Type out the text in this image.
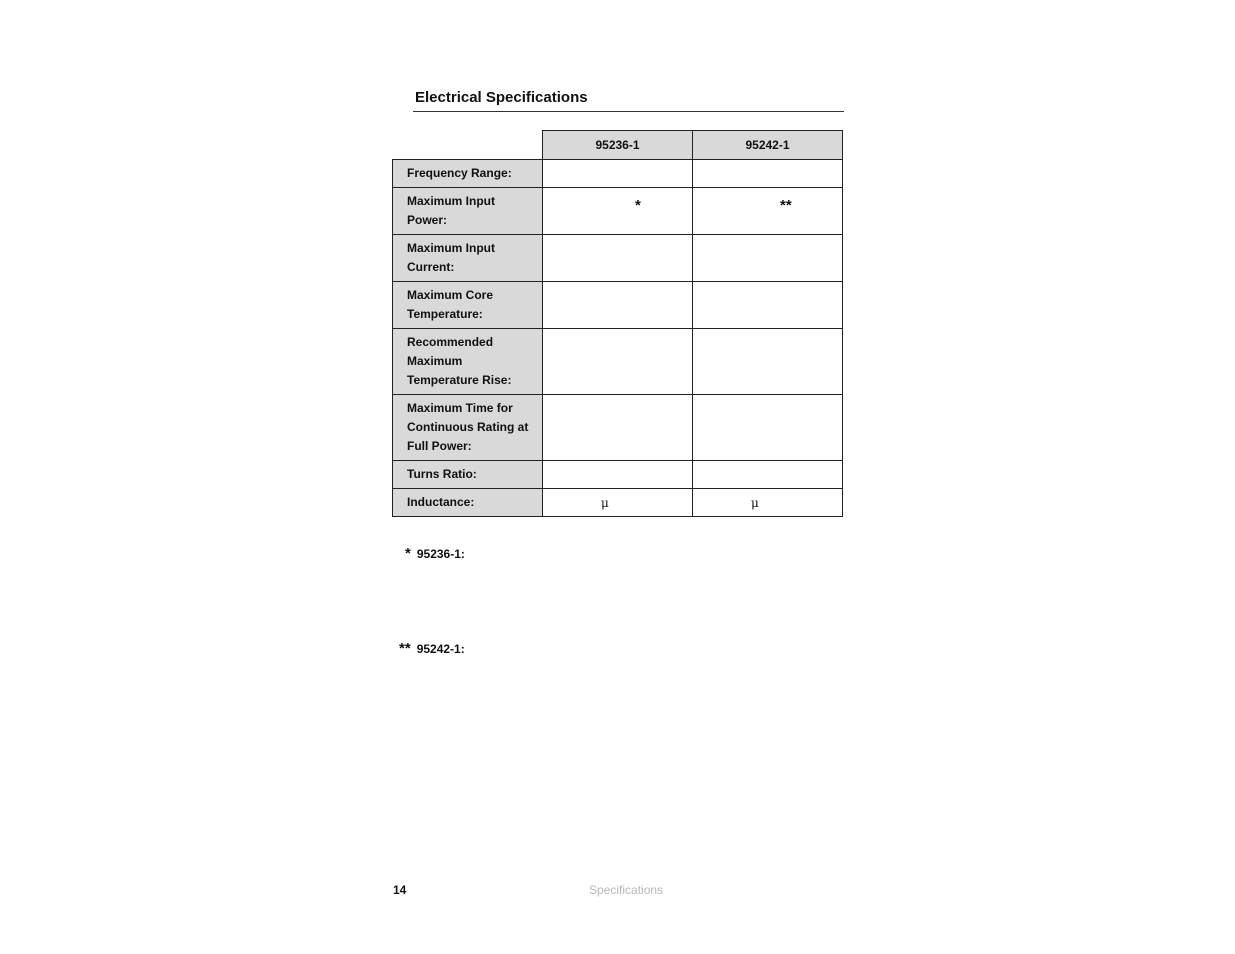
Electrical Specifications
	95236-1	95242-1
Frequency Range:		
Maximum Input Power:	*	**

Maximum Input Current:		
Maximum Core Temperature:		
Recommended Maximum Temperature Rise:		
Maximum Time for Continuous Rating at Full Power:		
Turns Ratio:		
Inductance:	μ	μ
* 95236-1:
** 95242-1:
14	Specifications
